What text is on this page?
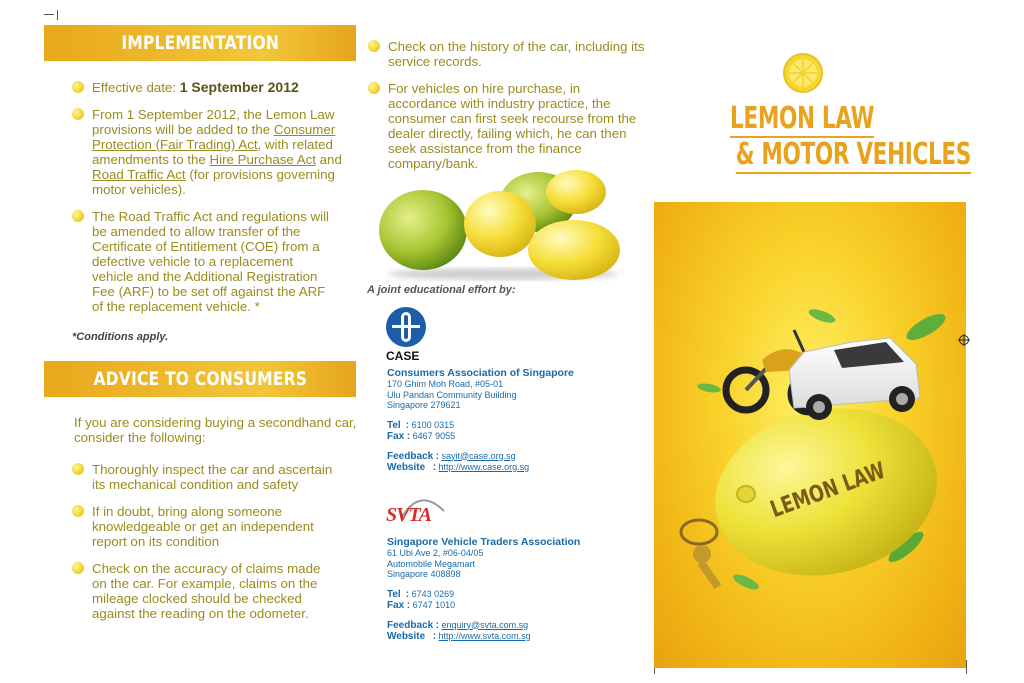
IMPLEMENTATION
Effective date: 1 September 2012
From 1 September 2012, the Lemon Law
provisions will be added to the Consumer
Protection (Fair Trading) Act, with related
amendments to the Hire Purchase Act and
Road Traffic Act (for provisions governing
motor vehicles).
The Road Traffic Act and regulations will be amended to allow transfer of the Certificate of Entitlement (COE) from a defective vehicle to a replacement vehicle and the Additional Registration Fee (ARF) to be set off against the ARF of the replacement vehicle. *
*Conditions apply.
ADVICE TO CONSUMERS
If you are considering buying a secondhand car, consider the following:
Thoroughly inspect the car and ascertain its mechanical condition and safety
If in doubt, bring along someone knowledgeable or get an independent report on its condition
Check on the accuracy of claims made on the car. For example, claims on the mileage clocked should be checked against the reading on the odometer.
Check on the history of the car, including its service records.
For vehicles on hire purchase, in accordance with industry practice, the consumer can first seek recourse from the dealer directly, failing which, he can then seek assistance from the finance company/bank.
A joint educational effort by:
CASE
Consumers Association of Singapore
170 Ghim Moh Road, #05-01
Ulu Pandan Community Building
Singapore 279621
Tel : 6100 0315
Fax : 6467 9055
Feedback : sayit@case.org.sg
Website : http://www.case.org.sg
SVTA
Singapore Vehicle Traders Association
61 Ubi Ave 2, #06-04/05
Automobile Megamart
Singapore 408898
Tel : 6743 0269
Fax : 6747 1010
Feedback : enquiry@svta.com.sg
Website : http://www.svta.com.sg
LEMON LAW
& MOTOR VEHICLES
LEMON LAW
